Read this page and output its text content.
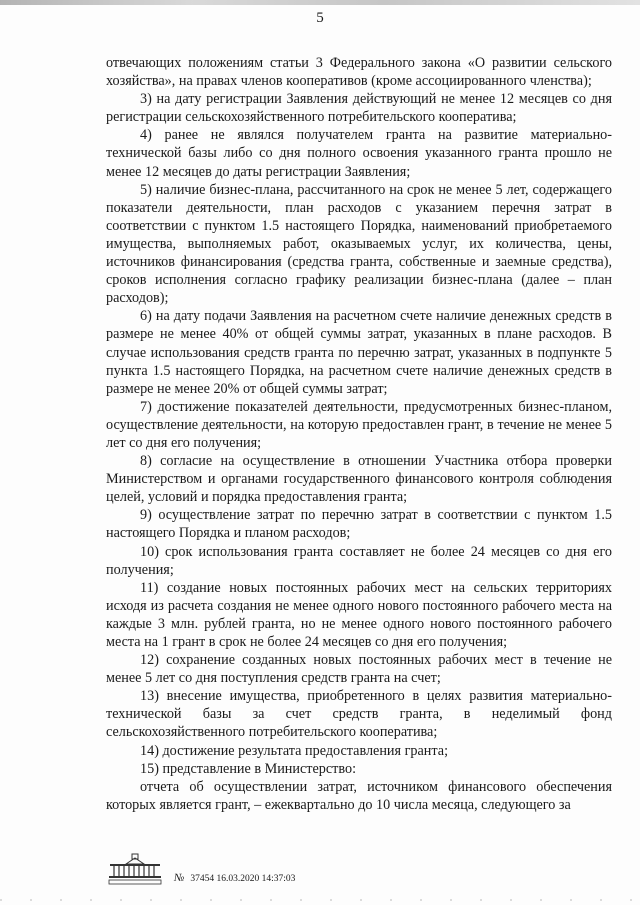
5

отвечающих положениям статьи 3 Федерального закона «О развитии сельского хозяйства», на правах членов кооперативов (кроме ассоциированного членства);

3) на дату регистрации Заявления действующий не менее 12 месяцев со дня регистрации сельскохозяйственного потребительского кооператива;

4) ранее не являлся получателем гранта на развитие материально- технической базы либо со дня полного освоения указанного гранта прошло не менее 12 месяцев до даты регистрации Заявления;

5) наличие бизнес-плана, рассчитанного на срок не менее 5 лет, содержащего показатели деятельности, план расходов с указанием перечня затрат в соответствии с пунктом 1.5 настоящего Порядка, наименований приобретаемого имущества, выполняемых работ, оказываемых услуг, их количества, цены, источников финансирования (средства гранта, собственные и заемные средства), сроков исполнения согласно графику реализации бизнес-плана (далее – план расходов);

6) на дату подачи Заявления на расчетном счете наличие денежных средств в размере не менее 40% от общей суммы затрат, указанных в плане расходов. В случае использования средств гранта по перечню затрат, указанных в подпункте 5 пункта 1.5 настоящего Порядка, на расчетном счете наличие денежных средств в размере не менее 20% от общей суммы затрат;

7) достижение показателей деятельности, предусмотренных бизнес-планом, осуществление деятельности, на которую предоставлен грант, в течение не менее 5 лет со дня его получения;

8) согласие на осуществление в отношении Участника отбора проверки Министерством и органами государственного финансового контроля соблюдения целей, условий и порядка предоставления гранта;

9) осуществление затрат по перечню затрат в соответствии с пунктом 1.5 настоящего Порядка и планом расходов;

10) срок использования гранта составляет не более 24 месяцев со дня его получения;

11) создание новых постоянных рабочих мест на сельских территориях исходя из расчета создания не менее одного нового постоянного рабочего места на каждые 3 млн. рублей гранта, но не менее одного нового постоянного рабочего места на 1 грант в срок не более 24 месяцев со дня его получения;

12) сохранение созданных новых постоянных рабочих мест в течение не менее 5 лет со дня поступления средств гранта на счет;

13) внесение имущества, приобретенного в целях развития материально-технической базы за счет средств гранта, в неделимый фонд сельскохозяйственного потребительского кооператива;

14) достижение результата предоставления гранта;

15) представление в Министерство:

отчета об осуществлении затрат, источником финансового обеспечения которых является грант, – ежеквартально до 10 числа месяца, следующего за

№ 37454 16.03.2020 14:37:03
